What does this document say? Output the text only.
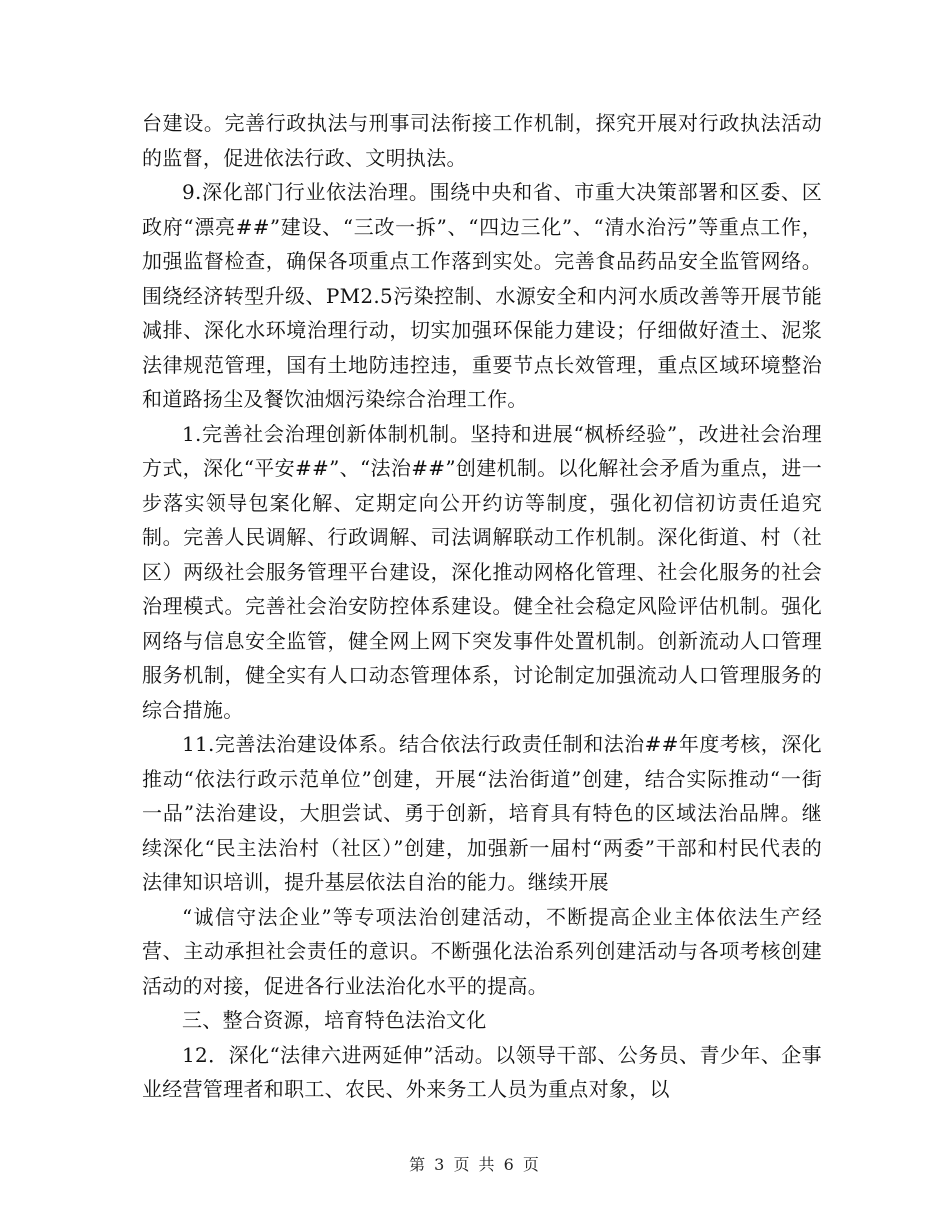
台建设。完善行政执法与刑事司法衔接工作机制，探究开展对行政执法活动的监督，促进依法行政、文明执法。

9.深化部门行业依法治理。围绕中央和省、市重大决策部署和区委、区政府“漂亮##”建设、“三改一拆”、“四边三化”、“清水治污”等重点工作，加强监督检查，确保各项重点工作落到实处。完善食品药品安全监管网络。围绕经济转型升级、PM2.5污染控制、水源安全和内河水质改善等开展节能减排、深化水环境治理行动，切实加强环保能力建设；仔细做好渣土、泥浆法律规范管理，国有土地防违控违，重要节点长效管理，重点区域环境整治和道路扬尘及餐饮油烟污染综合治理工作。

1.完善社会治理创新体制机制。坚持和进展“枫桥经验”，改进社会治理方式，深化“平安##”、“法治##”创建机制。以化解社会矛盾为重点，进一步落实领导包案化解、定期定向公开约访等制度，强化初信初访责任追究制。完善人民调解、行政调解、司法调解联动工作机制。深化街道、村（社区）两级社会服务管理平台建设，深化推动网格化管理、社会化服务的社会治理模式。完善社会治安防控体系建设。健全社会稳定风险评估机制。强化网络与信息安全监管，健全网上网下突发事件处置机制。创新流动人口管理服务机制，健全实有人口动态管理体系，讨论制定加强流动人口管理服务的综合措施。

11.完善法治建设体系。结合依法行政责任制和法治##年度考核，深化推动“依法行政示范单位”创建，开展“法治街道”创建，结合实际推动“一街一品”法治建设，大胆尝试、勇于创新，培育具有特色的区域法治品牌。继续深化“民主法治村（社区）”创建，加强新一届村“两委”干部和村民代表的法律知识培训，提升基层依法自治的能力。继续开展

“诚信守法企业”等专项法治创建活动，不断提高企业主体依法生产经营、主动承担社会责任的意识。不断强化法治系列创建活动与各项考核创建活动的对接，促进各行业法治化水平的提高。

三、整合资源，培育特色法治文化

12．深化“法律六进两延伸”活动。以领导干部、公务员、青少年、企事业经营管理者和职工、农民、外来务工人员为重点对象，以

第 3 页 共 6 页
